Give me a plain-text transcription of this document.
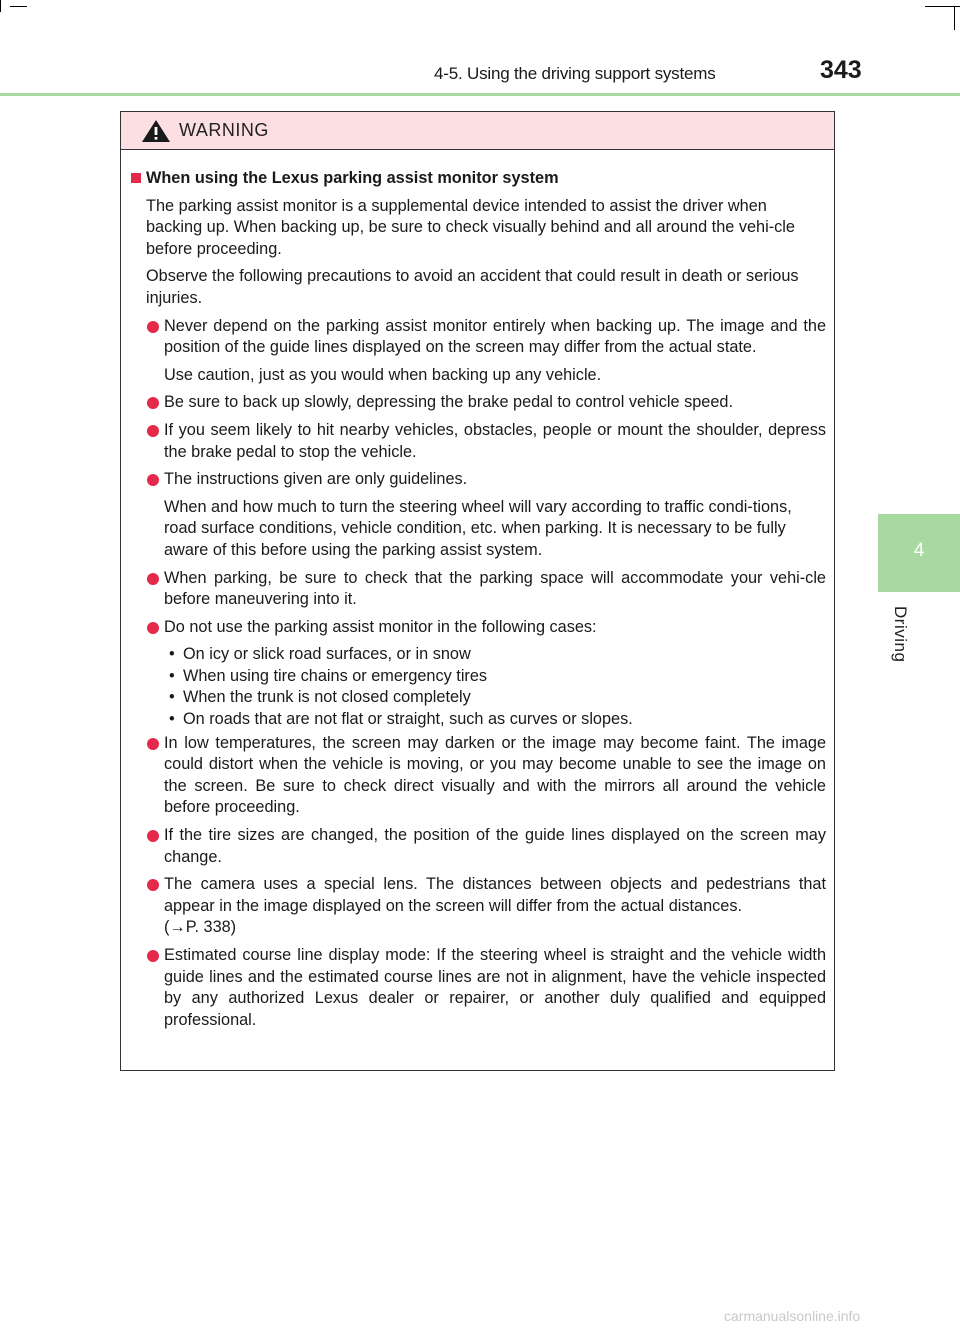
4-5. Using the driving support systems	343
4
Driving
WARNING
When using the Lexus parking assist monitor system
The parking assist monitor is a supplemental device intended to assist the driver when backing up. When backing up, be sure to check visually behind and all around the vehi-cle before proceeding.
Observe the following precautions to avoid an accident that could result in death or serious injuries.
Never depend on the parking assist monitor entirely when backing up. The image and the position of the guide lines displayed on the screen may differ from the actual state.
Use caution, just as you would when backing up any vehicle.
Be sure to back up slowly, depressing the brake pedal to control vehicle speed.
If you seem likely to hit nearby vehicles, obstacles, people or mount the shoulder, depress the brake pedal to stop the vehicle.
The instructions given are only guidelines.
When and how much to turn the steering wheel will vary according to traffic condi-tions, road surface conditions, vehicle condition, etc. when parking. It is necessary to be fully aware of this before using the parking assist system.
When parking, be sure to check that the parking space will accommodate your vehi-cle before maneuvering into it.
Do not use the parking assist monitor in the following cases:
• On icy or slick road surfaces, or in snow
• When using tire chains or emergency tires
• When the trunk is not closed completely
• On roads that are not flat or straight, such as curves or slopes.
In low temperatures, the screen may darken or the image may become faint. The image could distort when the vehicle is moving, or you may become unable to see the image on the screen. Be sure to check direct visually and with the mirrors all around the vehicle before proceeding.
If the tire sizes are changed, the position of the guide lines displayed on the screen may change.
The camera uses a special lens. The distances between objects and pedestrians that appear in the image displayed on the screen will differ from the actual distances.
(→P. 338)
Estimated course line display mode: If the steering wheel is straight and the vehicle width guide lines and the estimated course lines are not in alignment, have the vehicle inspected by any authorized Lexus dealer or repairer, or another duly qualified and equipped professional.
carmanualsonline.info
